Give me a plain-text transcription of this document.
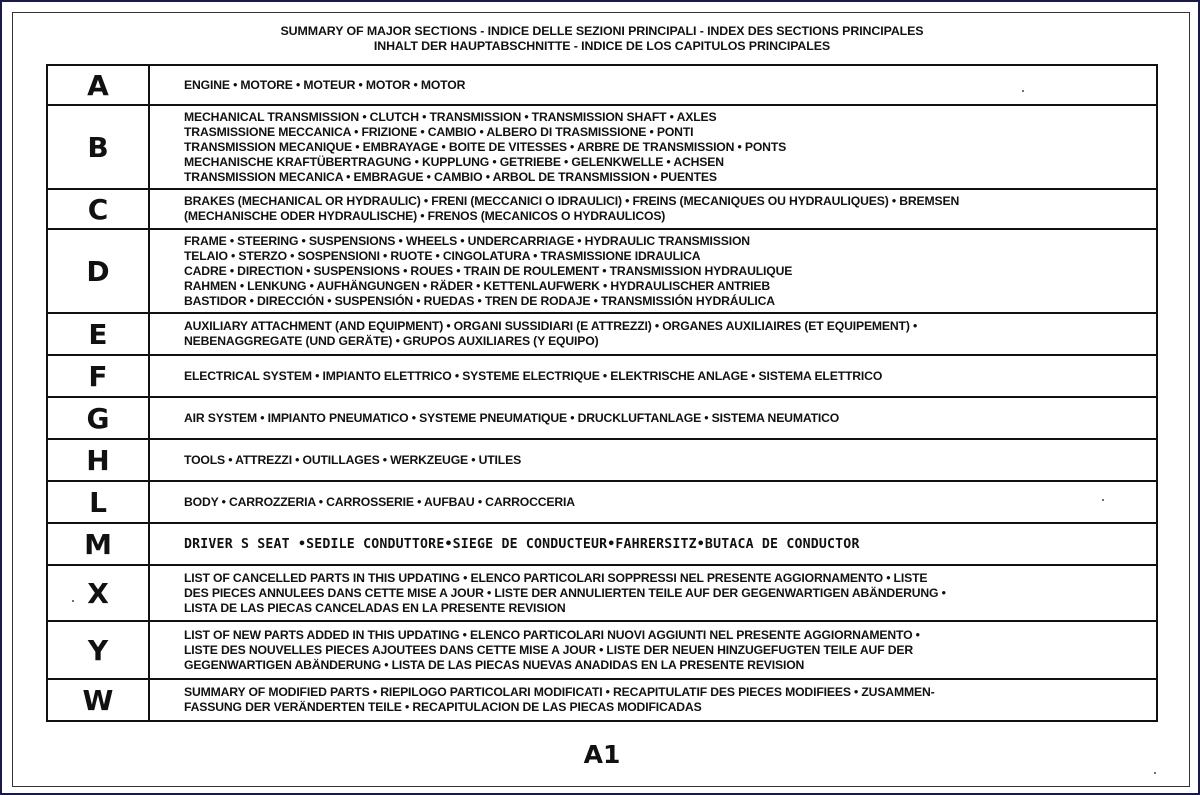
SUMMARY OF MAJOR SECTIONS - INDICE DELLE SEZIONI PRINCIPALI - INDEX DES SECTIONS PRINCIPALES
INHALT DER HAUPTABSCHNITTE - INDICE DE LOS CAPITULOS PRINCIPALES
A	ENGINE • MOTORE • MOTEUR • MOTOR • MOTOR

B	MECHANICAL TRANSMISSION • CLUTCH • TRANSMISSION • TRANSMISSION SHAFT • AXLES
TRASMISSIONE MECCANICA • FRIZIONE • CAMBIO • ALBERO DI TRASMISSIONE • PONTI
TRANSMISSION MECANIQUE • EMBRAYAGE • BOITE DE VITESSES • ARBRE DE TRANSMISSION • PONTS
MECHANISCHE KRAFTÜBERTRAGUNG • KUPPLUNG • GETRIEBE • GELENKWELLE • ACHSEN
TRANSMISSION MECANICA • EMBRAGUE • CAMBIO • ARBOL DE TRANSMISSION • PUENTES

C	BRAKES (MECHANICAL OR HYDRAULIC) • FRENI (MECCANICI O IDRAULICI) • FREINS (MECANIQUES OU HYDRAULIQUES) • BREMSEN
(MECHANISCHE ODER HYDRAULISCHE) • FRENOS (MECANICOS O HYDRAULICOS)

D	FRAME • STEERING • SUSPENSIONS • WHEELS • UNDERCARRIAGE • HYDRAULIC TRANSMISSION
TELAIO • STERZO • SOSPENSIONI • RUOTE • CINGOLATURA • TRASMISSIONE IDRAULICA
CADRE • DIRECTION • SUSPENSIONS • ROUES • TRAIN DE ROULEMENT • TRANSMISSION HYDRAULIQUE
RAHMEN • LENKUNG • AUFHÄNGUNGEN • RÄDER • KETTENLAUFWERK • HYDRAULISCHER ANTRIEB
BASTIDOR • DIRECCIÓN • SUSPENSIÓN • RUEDAS • TREN DE RODAJE • TRANSMISSIÓN HYDRÁULICA

E	AUXILIARY ATTACHMENT (AND EQUIPMENT) • ORGANI SUSSIDIARI (E ATTREZZI) • ORGANES AUXILIAIRES (ET EQUIPEMENT) •
NEBENAGGREGATE (UND GERÄTE) • GRUPOS AUXILIARES (Y EQUIPO)

F	ELECTRICAL SYSTEM • IMPIANTO ELETTRICO • SYSTEME ELECTRIQUE • ELEKTRISCHE ANLAGE • SISTEMA ELETTRICO

G	AIR SYSTEM • IMPIANTO PNEUMATICO • SYSTEME PNEUMATIQUE • DRUCKLUFTANLAGE • SISTEMA NEUMATICO

H	TOOLS • ATTREZZI • OUTILLAGES • WERKZEUGE • UTILES

L	BODY • CARROZZERIA • CARROSSERIE • AUFBAU • CARROCCERIA

M	DRIVER S SEAT •SEDILE CONDUTTORE•SIEGE DE CONDUCTEUR•FAHRERSITZ•BUTACA DE CONDUCTOR

X	LIST OF CANCELLED PARTS IN THIS UPDATING • ELENCO PARTICOLARI SOPPRESSI NEL PRESENTE AGGIORNAMENTO • LISTE
DES PIECES ANNULEES DANS CETTE MISE A JOUR • LISTE DER ANNULIERTEN TEILE AUF DER GEGENWARTIGEN ABÄNDERUNG •
LISTA DE LAS PIECAS CANCELADAS EN LA PRESENTE REVISION

Y	LIST OF NEW PARTS ADDED IN THIS UPDATING • ELENCO PARTICOLARI NUOVI AGGIUNTI NEL PRESENTE AGGIORNAMENTO •
LISTE DES NOUVELLES PIECES AJOUTEES DANS CETTE MISE A JOUR • LISTE DER NEUEN HINZUGEFUGTEN TEILE AUF DER
GEGENWARTIGEN ABÄNDERUNG • LISTA DE LAS PIECAS NUEVAS ANADIDAS EN LA PRESENTE REVISION

W	SUMMARY OF MODIFIED PARTS • RIEPILOGO PARTICOLARI MODIFICATI • RECAPITULATIF DES PIECES MODIFIEES • ZUSAMMEN-
FASSUNG DER VERÄNDERTEN TEILE • RECAPITULACION DE LAS PIECAS MODIFICADAS
A1
